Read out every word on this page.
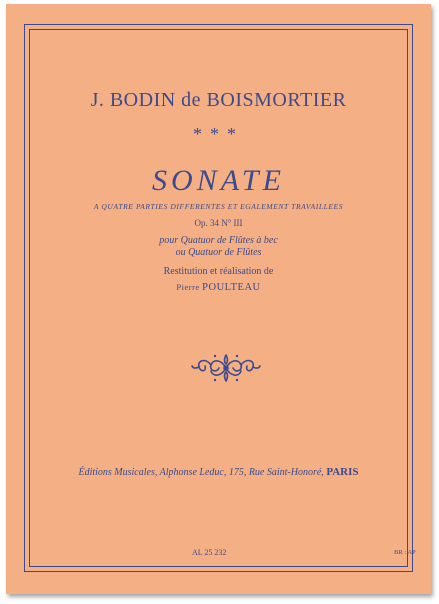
J. BODIN de BOISMORTIER
***
SONATE
A QUATRE PARTIES DIFFERENTES ET EGALEMENT TRAVAILLEES
Op. 34 N° III
pour Quatuor de Flûtes à bec
ou Quatuor de Flûtes
Restitution et réalisation de
Pierre POULTEAU
Éditions Musicales, Alphonse Leduc, 175, Rue Saint-Honoré, PARIS
AL 25 232	BR : AP
